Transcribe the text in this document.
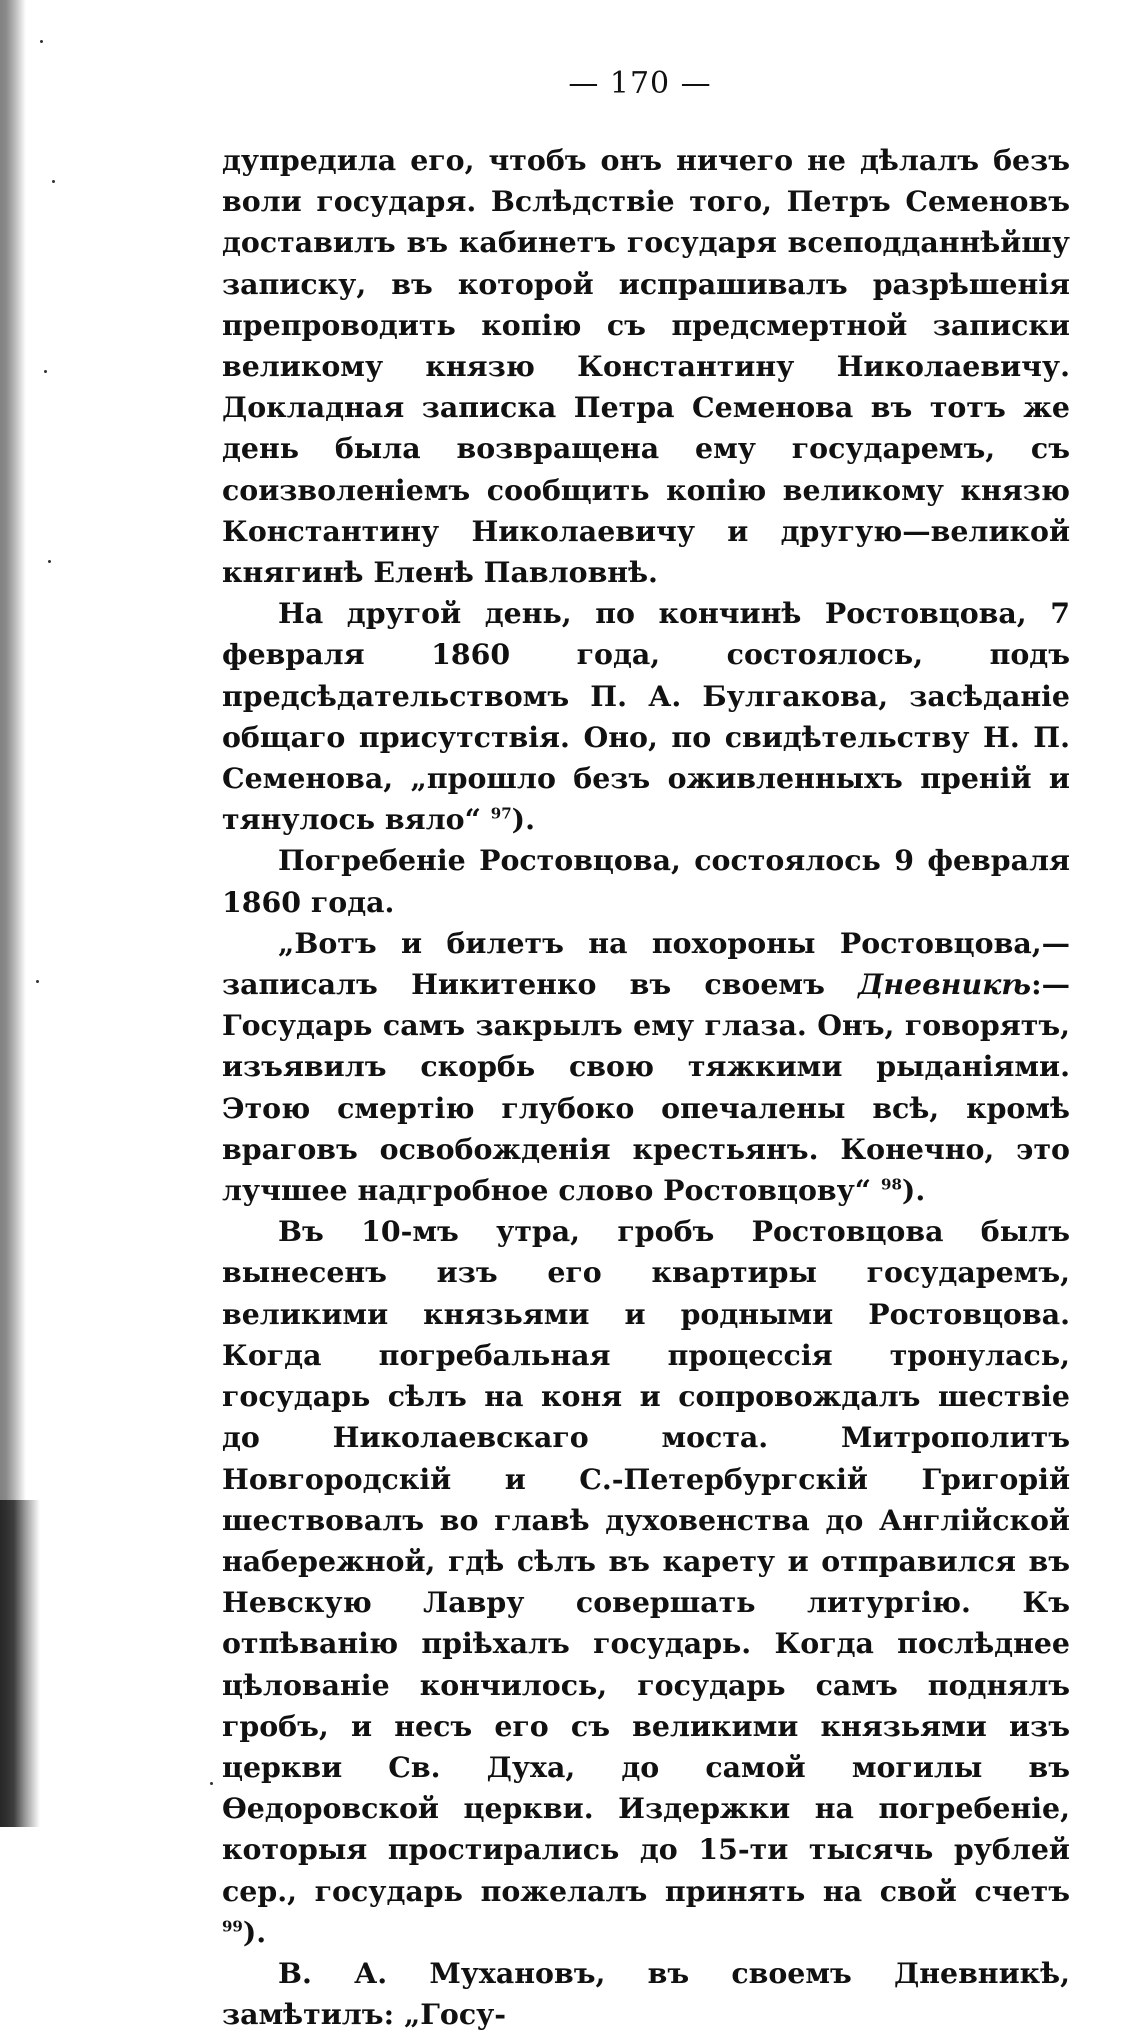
— 170 —

дупредила его, чтобъ онъ ничего не дѣлалъ безъ воли государя. Вслѣдствіе того, Петръ Семеновъ доставилъ въ кабинетъ государя всеподданнѣйшу записку, въ которой испрашивалъ разрѣшенія препроводить копію съ предсмертной записки великому князю Константину Николаевичу. Докладная записка Петра Семенова въ тотъ же день была возвращена ему государемъ, съ соизволеніемъ сообщить копію великому князю Константину Николаевичу и другую—великой княгинѣ Еленѣ Павловнѣ.

На другой день, по кончинѣ Ростовцова, 7 февраля 1860 года, состоялось, подъ предсѣдательствомъ П. А. Булгакова, засѣданіе общаго присутствія. Оно, по свидѣтельству Н. П. Семенова, „прошло безъ оживленныхъ преній и тянулось вяло“ $^{97}$).

Погребеніе Ростовцова, состоялось 9 февраля 1860 года.

„Вотъ и билетъ на похороны Ростовцова,—записалъ Никитенко въ своемъ Дневникѣ:—Государь самъ закрылъ ему глаза. Онъ, говорятъ, изъявилъ скорбь свою тяжкими рыданіями. Этою смертію глубоко опечалены всѣ, кромѣ враговъ освобожденія крестьянъ. Конечно, это лучшее надгробное слово Ростовцову“ $^{98}$).

Въ 10-мъ утра, гробъ Ростовцова былъ вынесенъ изъ его квартиры государемъ, великими князьями и родными Ростовцова. Когда погребальная процессія тронулась, государь сѣлъ на коня и сопровождалъ шествіе до Николаевскаго моста. Митрополитъ Новгородскій и С.-Петербургскій Григорій шествовалъ во главѣ духовенства до Англійской набережной, гдѣ сѣлъ въ карету и отправился въ Невскую Лавру совершать литургію. Къ отпѣванію пріѣхалъ государь. Когда послѣднее цѣлованіе кончилось, государь самъ поднялъ гробъ, и несъ его съ великими князьями изъ церкви Св. Духа, до самой могилы въ Ѳедоровской церкви. Издержки на погребеніе, которыя простирались до 15-ти тысячь рублей сер., государь пожелалъ принять на свой счетъ $^{99}$).

В. А. Мухановъ, въ своемъ Дневникѣ, замѣтилъ: „Госу-
